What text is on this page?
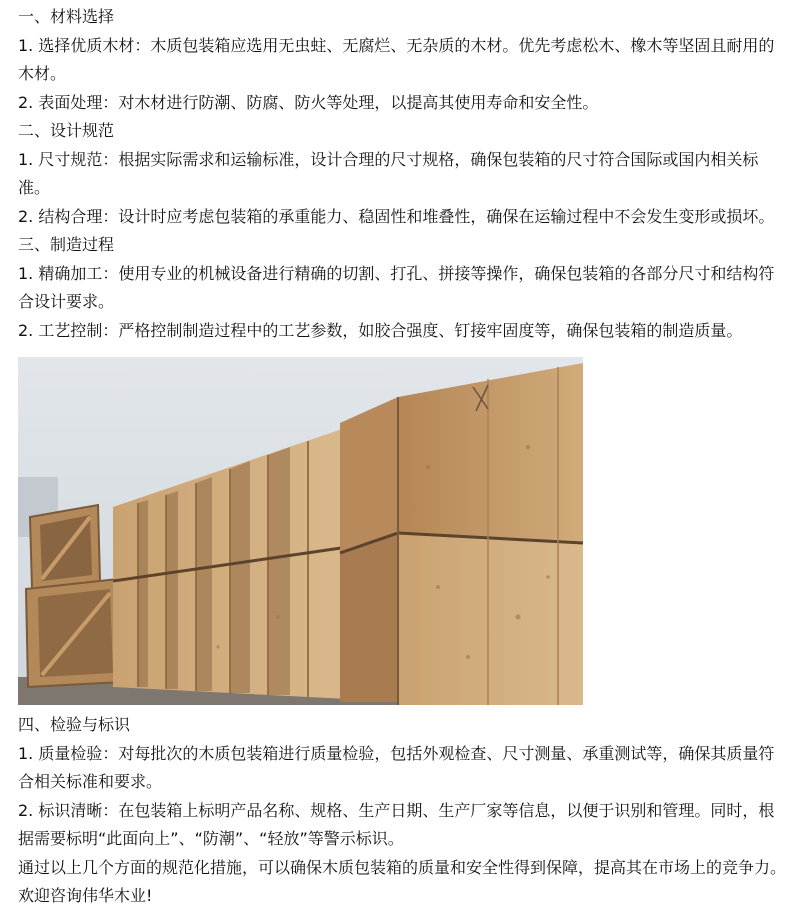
一、材料选择

1. 选择优质木材：木质包装箱应选用无虫蛀、无腐烂、无杂质的木材。优先考虑松木、橡木等坚固且耐用的木材。

2. 表面处理：对木材进行防潮、防腐、防火等处理，以提高其使用寿命和安全性。

二、设计规范

1. 尺寸规范：根据实际需求和运输标准，设计合理的尺寸规格，确保包装箱的尺寸符合国际或国内相关标准。

2. 结构合理：设计时应考虑包装箱的承重能力、稳固性和堆叠性，确保在运输过程中不会发生变形或损坏。

三、制造过程

1. 精确加工：使用专业的机械设备进行精确的切割、打孔、拼接等操作，确保包装箱的各部分尺寸和结构符合设计要求。

2. 工艺控制：严格控制制造过程中的工艺参数，如胶合强度、钉接牢固度等，确保包装箱的制造质量。

四、检验与标识

1. 质量检验：对每批次的木质包装箱进行质量检验，包括外观检查、尺寸测量、承重测试等，确保其质量符合相关标准和要求。

2. 标识清晰：在包装箱上标明产品名称、规格、生产日期、生产厂家等信息，以便于识别和管理。同时，根据需要标明“此面向上”、“防潮”、“轻放”等警示标识。

通过以上几个方面的规范化措施，可以确保木质包装箱的质量和安全性得到保障，提高其在市场上的竞争力。欢迎咨询伟华木业!
